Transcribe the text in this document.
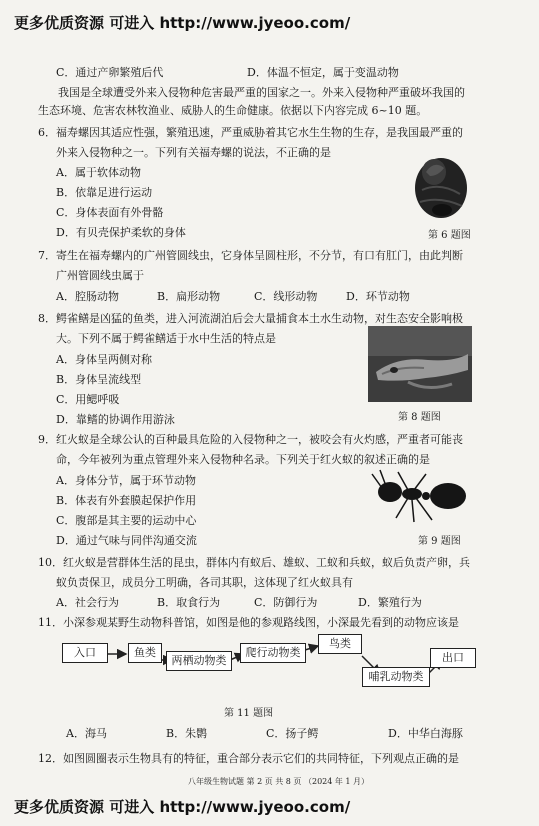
更多优质资源 可进入 http://www.jyeoo.com/
C．通过产卵繁殖后代	D．体温不恒定，属于变温动物
我国是全球遭受外来入侵物种危害最严重的国家之一。外来入侵物种严重破坏我国的
生态环境、危害农林牧渔业、威胁人的生命健康。依据以下内容完成 6~10 题。
6．福寿螺因其适应性强，繁殖迅速，严重威胁着其它水生生物的生存，是我国最严重的
外来入侵物种之一。下列有关福寿螺的说法，不正确的是
A．属于软体动物
B．依靠足进行运动
C．身体表面有外骨骼
D．有贝壳保护柔软的身体	第 6 题图
7．寄生在福寿螺内的广州管圆线虫，它身体呈圆柱形，不分节，有口有肛门，由此判断
广州管圆线虫属于
A．腔肠动物	B．扁形动物	C．线形动物	D．环节动物
8．鳄雀鳝是凶猛的鱼类，进入河流湖泊后会大量捕食本土水生动物，对生态安全影响极
大。下列不属于鳄雀鳝适于水中生活的特点是
A．身体呈两侧对称
B．身体呈流线型
C．用鳃呼吸
D．靠鳍的协调作用游泳	第 8 题图
9．红火蚁是全球公认的百种最具危险的入侵物种之一，被咬会有火灼感，严重者可能丧
命，今年被列为重点管理外来入侵物种名录。下列关于红火蚁的叙述正确的是
A．身体分节，属于环节动物
B．体表有外套膜起保护作用
C．腹部是其主要的运动中心
D．通过气味与同伴沟通交流	第 9 题图
10．红火蚁是营群体生活的昆虫，群体内有蚁后、雄蚁、工蚁和兵蚁，蚁后负责产卵，兵
蚁负责保卫，成员分工明确，各司其职，这体现了红火蚁具有
A．社会行为	B．取食行为	C．防御行为	D．繁殖行为
11．小深参观某野生动物科普馆，如图是他的参观路线图，小深最先看到的动物应该是
入口	鱼类
两栖动物类
爬行动物类
鸟类
哺乳动物类
出口
第 11 题图
A．海马	B．朱鹮	C．扬子鳄	D．中华白海豚
12．如图圆圈表示生物具有的特征，重合部分表示它们的共同特征，下列观点正确的是
八年级生物试题 第 2 页 共 8 页 （2024 年 1 月）
更多优质资源 可进入 http://www.jyeoo.com/
